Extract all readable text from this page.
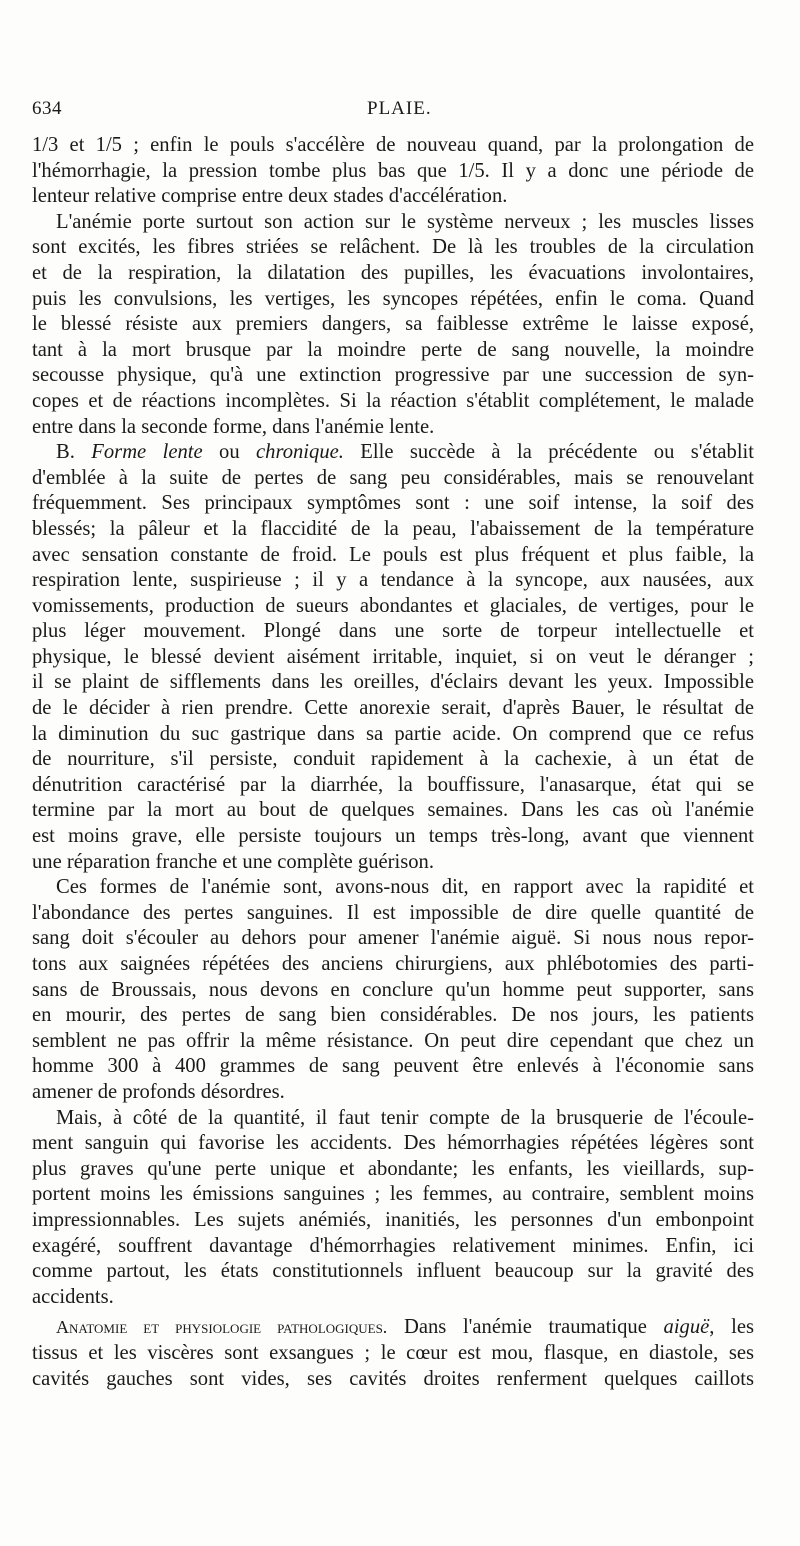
634	PLAIE.
1/3 et 1/5 ; enfin le pouls s'accélère de nouveau quand, par la prolongation de
l'hémorrhagie, la pression tombe plus bas que 1/5. Il y a donc une période de
lenteur relative comprise entre deux stades d'accélération.
L'anémie porte surtout son action sur le système nerveux ; les muscles lisses
sont excités, les fibres striées se relâchent. De là les troubles de la circulation
et de la respiration, la dilatation des pupilles, les évacuations involontaires,
puis les convulsions, les vertiges, les syncopes répétées, enfin le coma. Quand
le blessé résiste aux premiers dangers, sa faiblesse extrême le laisse exposé,
tant à la mort brusque par la moindre perte de sang nouvelle, la moindre
secousse physique, qu'à une extinction progressive par une succession de syn-
copes et de réactions incomplètes. Si la réaction s'établit complétement, le malade
entre dans la seconde forme, dans l'anémie lente.
B. Forme lente ou chronique. Elle succède à la précédente ou s'établit
d'emblée à la suite de pertes de sang peu considérables, mais se renouvelant
fréquemment. Ses principaux symptômes sont : une soif intense, la soif des
blessés; la pâleur et la flaccidité de la peau, l'abaissement de la température
avec sensation constante de froid. Le pouls est plus fréquent et plus faible, la
respiration lente, suspirieuse ; il y a tendance à la syncope, aux nausées, aux
vomissements, production de sueurs abondantes et glaciales, de vertiges, pour le
plus léger mouvement. Plongé dans une sorte de torpeur intellectuelle et
physique, le blessé devient aisément irritable, inquiet, si on veut le déranger ;
il se plaint de sifflements dans les oreilles, d'éclairs devant les yeux. Impossible
de le décider à rien prendre. Cette anorexie serait, d'après Bauer, le résultat de
la diminution du suc gastrique dans sa partie acide. On comprend que ce refus
de nourriture, s'il persiste, conduit rapidement à la cachexie, à un état de
dénutrition caractérisé par la diarrhée, la bouffissure, l'anasarque, état qui se
termine par la mort au bout de quelques semaines. Dans les cas où l'anémie
est moins grave, elle persiste toujours un temps très-long, avant que viennent
une réparation franche et une complète guérison.
Ces formes de l'anémie sont, avons-nous dit, en rapport avec la rapidité et
l'abondance des pertes sanguines. Il est impossible de dire quelle quantité de
sang doit s'écouler au dehors pour amener l'anémie aiguë. Si nous nous repor-
tons aux saignées répétées des anciens chirurgiens, aux phlébotomies des parti-
sans de Broussais, nous devons en conclure qu'un homme peut supporter, sans
en mourir, des pertes de sang bien considérables. De nos jours, les patients
semblent ne pas offrir la même résistance. On peut dire cependant que chez un
homme 300 à 400 grammes de sang peuvent être enlevés à l'économie sans
amener de profonds désordres.
Mais, à côté de la quantité, il faut tenir compte de la brusquerie de l'écoule-
ment sanguin qui favorise les accidents. Des hémorrhagies répétées légères sont
plus graves qu'une perte unique et abondante; les enfants, les vieillards, sup-
portent moins les émissions sanguines ; les femmes, au contraire, semblent moins
impressionnables. Les sujets anémiés, inanitiés, les personnes d'un embonpoint
exagéré, souffrent davantage d'hémorrhagies relativement minimes. Enfin, ici
comme partout, les états constitutionnels influent beaucoup sur la gravité des
accidents.
Anatomie et physiologie pathologiques. Dans l'anémie traumatique aiguë, les
tissus et les viscères sont exsangues ; le cœur est mou, flasque, en diastole, ses
cavités gauches sont vides, ses cavités droites renferment quelques caillots
